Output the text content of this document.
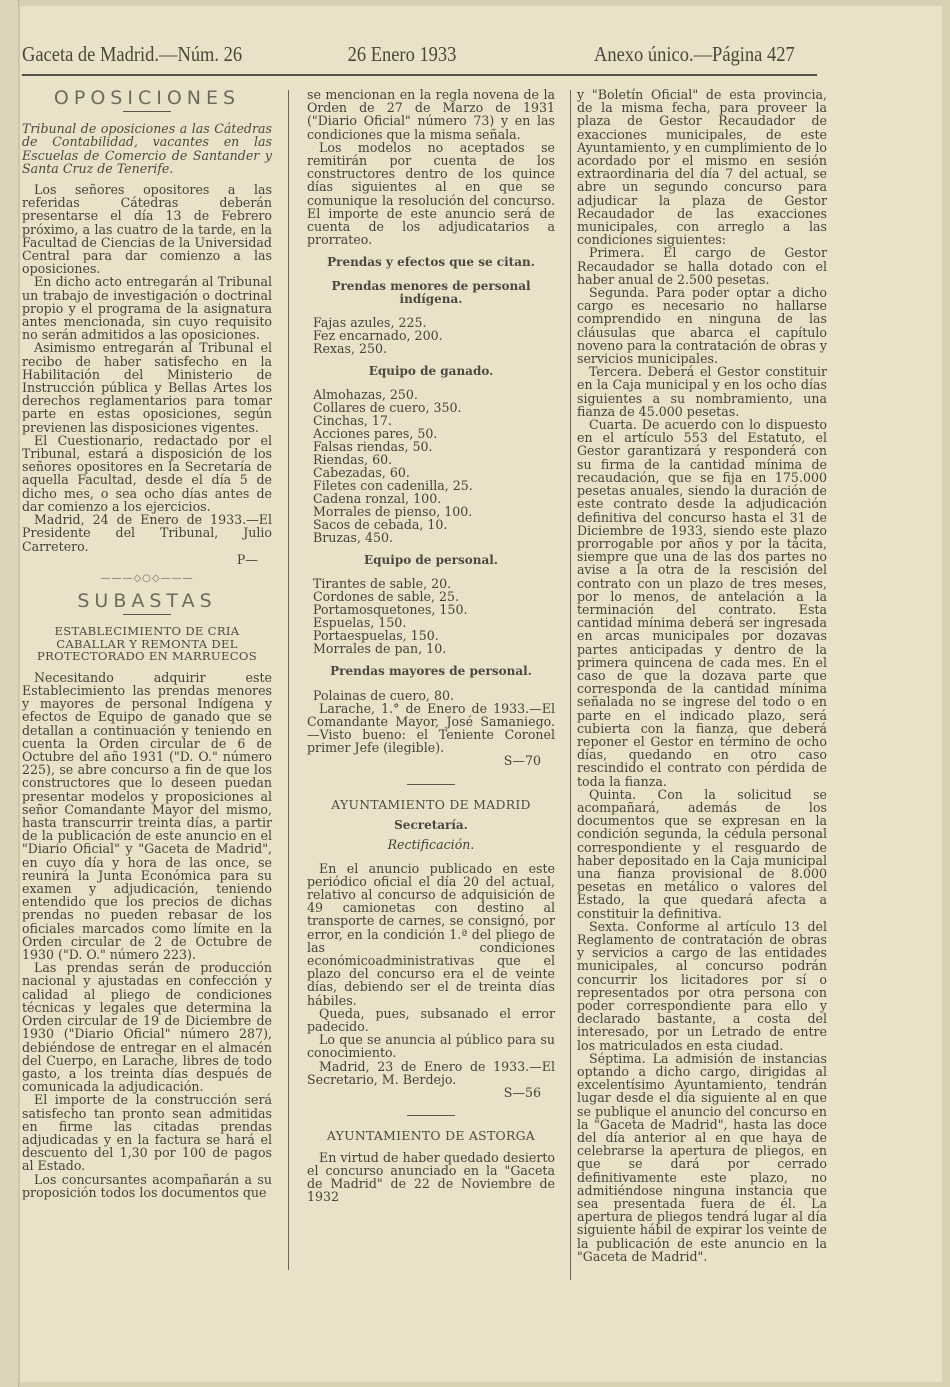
Gaceta de Madrid.—Núm. 26	26 Enero 1933	Anexo único.—Página 427
OPOSICIONES

Tribunal de oposiciones a las Cátedras de Contabilidad, vacantes en las Escuelas de Comercio de Santander y Santa Cruz de Tenerife.

Los señores opositores a las referidas Cátedras deberán presentarse el día 13 de Febrero próximo, a las cuatro de la tarde, en la Facultad de Ciencias de la Universidad Central para dar comienzo a las oposiciones.

En dicho acto entregarán al Tribunal un trabajo de investigación o doctrinal propio y el programa de la asignatura antes mencionada, sin cuyo requisito no serán admitidos a las oposiciones.

Asimismo entregarán al Tribunal el recibo de haber satisfecho en la Habilitación del Ministerio de Instrucción pública y Bellas Artes los derechos reglamentarios para tomar parte en estas oposiciones, según previenen las disposiciones vigentes.

El Cuestionario, redactado por el Tribunal, estará a disposición de los señores opositores en la Secretaría de aquella Facultad, desde el día 5 de dicho mes, o sea ocho días antes de dar comienzo a los ejercicios.

Madrid, 24 de Enero de 1933.—El Presidente del Tribunal, Julio Carretero.

P—

———◇○◇———
SUBASTAS

ESTABLECIMIENTO DE CRIA CABALLAR Y REMONTA DEL PROTECTORADO EN MARRUECOS

Necesitando adquirir este Establecimiento las prendas menores y mayores de personal Indígena y efectos de Equipo de ganado que se detallan a continuación y teniendo en cuenta la Orden circular de 6 de Octubre del año 1931 ("D. O." número 225), se abre concurso a fin de que los constructores que lo deseen puedan presentar modelos y proposiciones al señor Comandante Mayor del mismo, hasta transcurrir treinta días, a partir de la publicación de este anuncio en el "Diario Oficial" y "Gaceta de Madrid", en cuyo día y hora de las once, se reunirá la Junta Económica para su examen y adjudicación, teniendo entendido que los precios de dichas prendas no pueden rebasar de los oficiales marcados como límite en la Orden circular de 2 de Octubre de 1930 ("D. O." número 223).

Las prendas serán de producción nacional y ajustadas en confección y calidad al pliego de condiciones técnicas y legales que determina la Orden circular de 19 de Diciembre de 1930 ("Diario Oficial" número 287), debiéndose de entregar en el almacén del Cuerpo, en Larache, libres de todo gasto, a los treinta días después de comunicada la adjudicación.

El importe de la construcción será satisfecho tan pronto sean admitidas en firme las citadas prendas adjudicadas y en la factura se hará el descuento del 1,30 por 100 de pagos al Estado.

Los concursantes acompañarán a su proposición todos los documentos que

se mencionan en la regla novena de la Orden de 27 de Marzo de 1931 ("Diario Oficial" número 73) y en las condiciones que la misma señala.

Los modelos no aceptados se remitirán por cuenta de los constructores dentro de los quince días siguientes al en que se comunique la resolución del concurso. El importe de este anuncio será de cuenta de los adjudicatarios a prorrateo.

Prendas y efectos que se citan.

Prendas menores de personal indígena.

Fajas azules, 225.
Fez encarnado, 200.
Rexas, 250.

Equipo de ganado.

Almohazas, 250.
Collares de cuero, 350.
Cinchas, 17.
Acciones pares, 50.
Falsas riendas, 50.
Riendas, 60.
Cabezadas, 60.
Filetes con cadenilla, 25.
Cadena ronzal, 100.
Morrales de pienso, 100.
Sacos de cebada, 10.
Bruzas, 450.

Equipo de personal.

Tirantes de sable, 20.
Cordones de sable, 25.
Portamosquetones, 150.
Espuelas, 150.
Portaespuelas, 150.
Morrales de pan, 10.

Prendas mayores de personal.

Polainas de cuero, 80.

Larache, 1.° de Enero de 1933.—El Comandante Mayor, José Samaniego.—Visto bueno: el Teniente Coronel primer Jefe (ilegible).

S—70

AYUNTAMIENTO DE MADRID

Secretaría.

Rectificación.

En el anuncio publicado en este periódico oficial el día 20 del actual, relativo al concurso de adquisición de 49 camionetas con destino al transporte de carnes, se consignó, por error, en la condición 1.ª del pliego de las condiciones económicoadministrativas que el plazo del concurso era el de veinte días, debiendo ser el de treinta días hábiles.

Queda, pues, subsanado el error padecido.

Lo que se anuncia al público para su conocimiento.

Madrid, 23 de Enero de 1933.—El Secretario, M. Berdejo.

S—56

AYUNTAMIENTO DE ASTORGA

En virtud de haber quedado desierto el concurso anunciado en la "Gaceta de Madrid" de 22 de Noviembre de 1932

y "Boletín Oficial" de esta provincia, de la misma fecha, para proveer la plaza de Gestor Recaudador de exacciones municipales, de este Ayuntamiento, y en cumplimiento de lo acordado por el mismo en sesión extraordinaria del día 7 del actual, se abre un segundo concurso para adjudicar la plaza de Gestor Recaudador de las exacciones municipales, con arreglo a las condiciones siguientes:

Primera. El cargo de Gestor Recaudador se halla dotado con el haber anual de 2.500 pesetas.

Segunda. Para poder optar a dicho cargo es necesario no hallarse comprendido en ninguna de las cláusulas que abarca el capítulo noveno para la contratación de obras y servicios municipales.

Tercera. Deberá el Gestor constituir en la Caja municipal y en los ocho días siguientes a su nombramiento, una fianza de 45.000 pesetas.

Cuarta. De acuerdo con lo dispuesto en el artículo 553 del Estatuto, el Gestor garantizará y responderá con su firma de la cantidad mínima de recaudación, que se fija en 175.000 pesetas anuales, siendo la duración de este contrato desde la adjudicación definitiva del concurso hasta el 31 de Diciembre de 1933, siendo este plazo prorrogable por años y por la tácita, siempre que una de las dos partes no avise a la otra de la rescisión del contrato con un plazo de tres meses, por lo menos, de antelación a la terminación del contrato. Esta cantidad mínima deberá ser ingresada en arcas municipales por dozavas partes anticipadas y dentro de la primera quincena de cada mes. En el caso de que la dozava parte que corresponda de la cantidad mínima señalada no se ingrese del todo o en parte en el indicado plazo, será cubierta con la fianza, que deberá reponer el Gestor en término de ocho días, quedando en otro caso rescindido el contrato con pérdida de toda la fianza.

Quinta. Con la solicitud se acompañará, además de los documentos que se expresan en la condición segunda, la cédula personal correspondiente y el resguardo de haber depositado en la Caja municipal una fianza provisional de 8.000 pesetas en metálico o valores del Estado, la que quedará afecta a constituir la definitiva.

Sexta. Conforme al artículo 13 del Reglamento de contratación de obras y servicios a cargo de las entidades municipales, al concurso podrán concurrir los licitadores por sí o representados por otra persona con poder correspondiente para ello y declarado bastante, a costa del interesado, por un Letrado de entre los matriculados en esta ciudad.

Séptima. La admisión de instancias optando a dicho cargo, dirigidas al excelentísimo Ayuntamiento, tendrán lugar desde el día siguiente al en que se publique el anuncio del concurso en la "Gaceta de Madrid", hasta las doce del día anterior al en que haya de celebrarse la apertura de pliegos, en que se dará por cerrado definitivamente este plazo, no admitiéndose ninguna instancia que sea presentada fuera de él. La apertura de pliegos tendrá lugar al día siguiente hábil de expirar los veinte de la publicación de este anuncio en la "Gaceta de Madrid".
